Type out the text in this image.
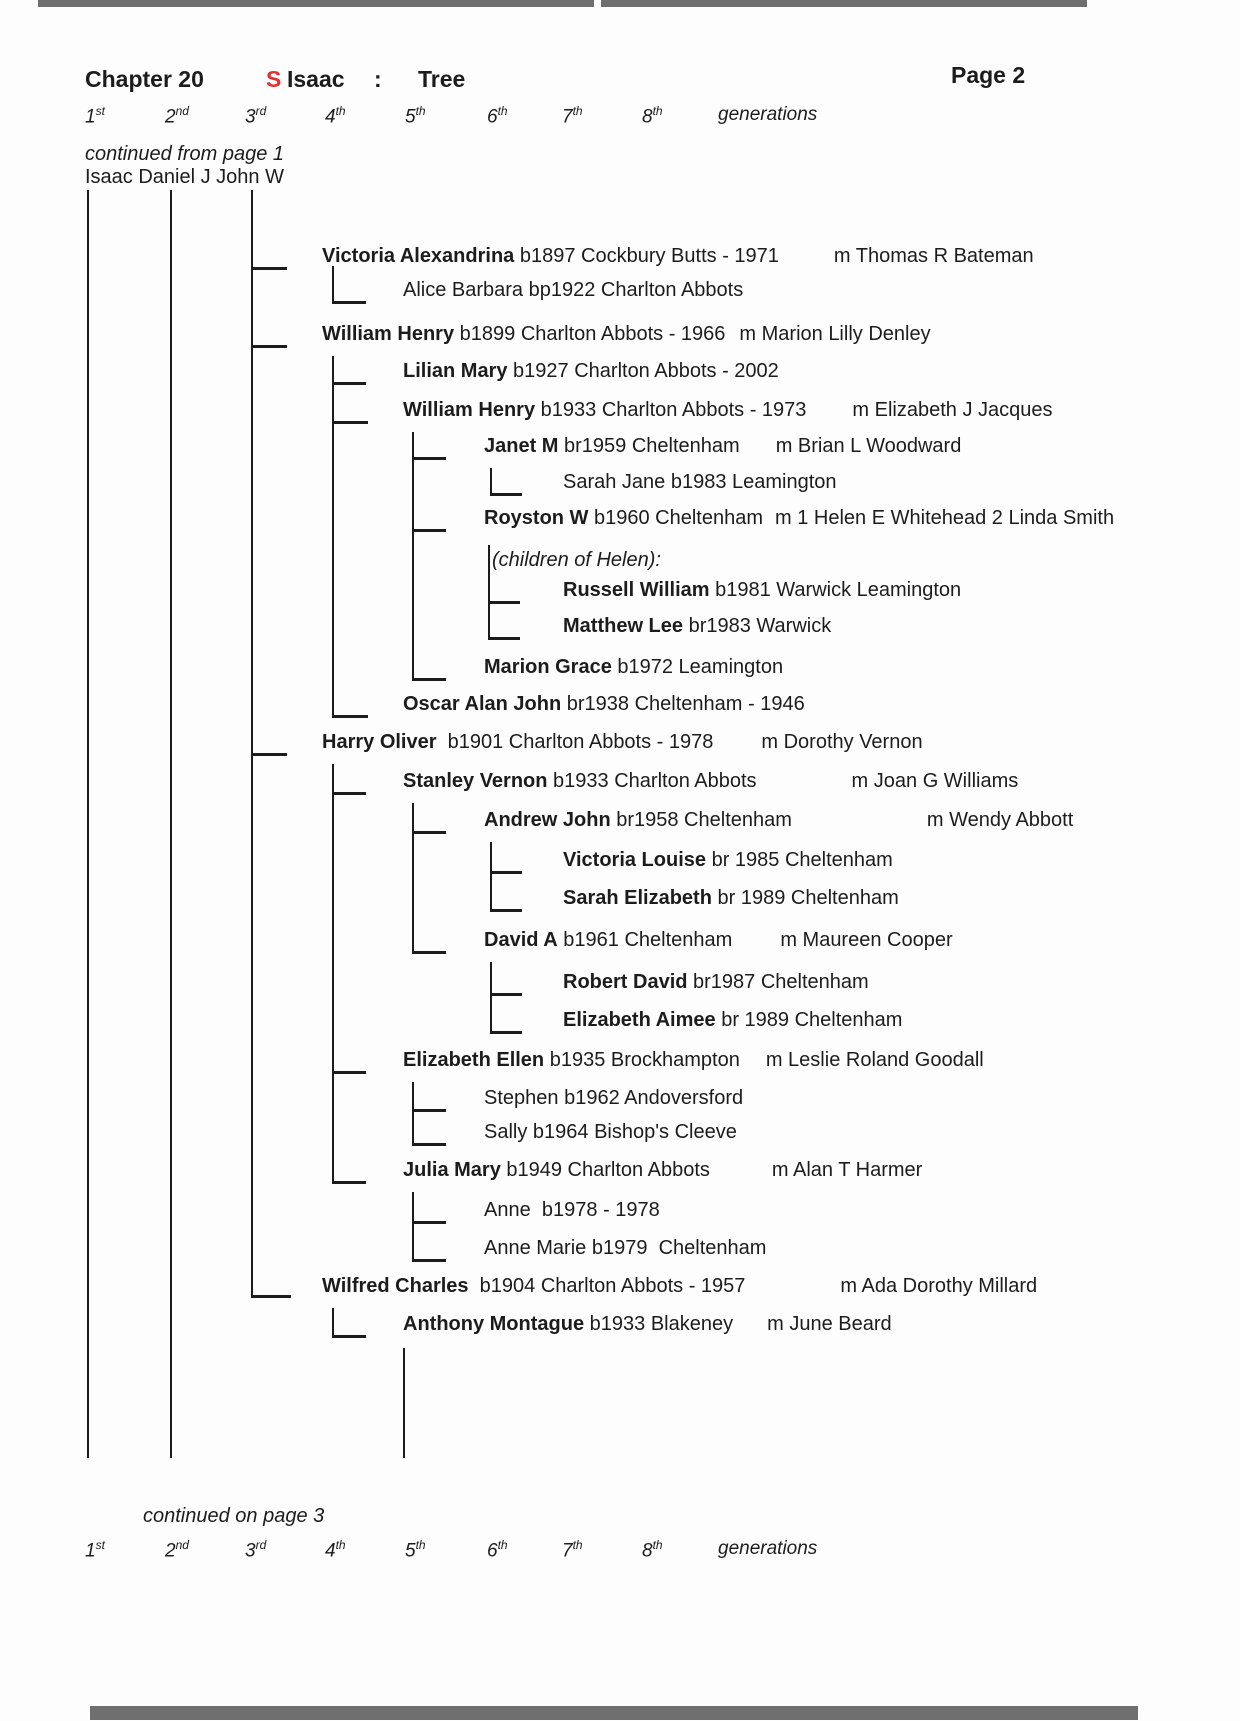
Chapter 20	S Isaac : Tree	Page 2
1st	2nd	3rd	4th	5th	6th	7th	8th	generations
continued from page 1
Isaac Daniel J John W
Victoria Alexandrina b1897 Cockbury Butts - 1971	m Thomas R Bateman
Alice Barbara bp1922 Charlton Abbots
William Henry b1899 Charlton Abbots - 1966 m Marion Lilly Denley
Lilian Mary b1927 Charlton Abbots - 2002
William Henry b1933 Charlton Abbots - 1973 m Elizabeth J Jacques
Janet M br1959 Cheltenham m Brian L Woodward
Sarah Jane b1983 Leamington
Royston W b1960 Cheltenham m 1 Helen E Whitehead 2 Linda Smith
Russell William b1981 Warwick Leamington
Matthew Lee br1983 Warwick
Marion Grace b1972 Leamington
Oscar Alan John br1938 Cheltenham - 1946
Harry Oliver  b1901 Charlton Abbots - 1978 m Dorothy Vernon
Stanley Vernon b1933 Charlton Abbots	m Joan G Williams
Andrew John br1958 Cheltenham	m Wendy Abbott
Victoria Louise br 1985 Cheltenham
Sarah Elizabeth br 1989 Cheltenham
David A b1961 Cheltenham m Maureen Cooper
Robert David br1987 Cheltenham
Elizabeth Aimee br 1989 Cheltenham
Elizabeth Ellen b1935 Brockhampton m Leslie Roland Goodall
Stephen b1962 Andoversford
Sally b1964 Bishop's Cleeve
Julia Mary b1949 Charlton Abbots	m Alan T Harmer
Anne  b1978 - 1978
Anne Marie b1979  Cheltenham
Wilfred Charles  b1904 Charlton Abbots - 1957	m Ada Dorothy Millard
Anthony Montague b1933 Blakeney m June Beard
(children of Helen):
continued on page 3
1st	2nd	3rd	4th	5th	6th	7th	8th	generations
